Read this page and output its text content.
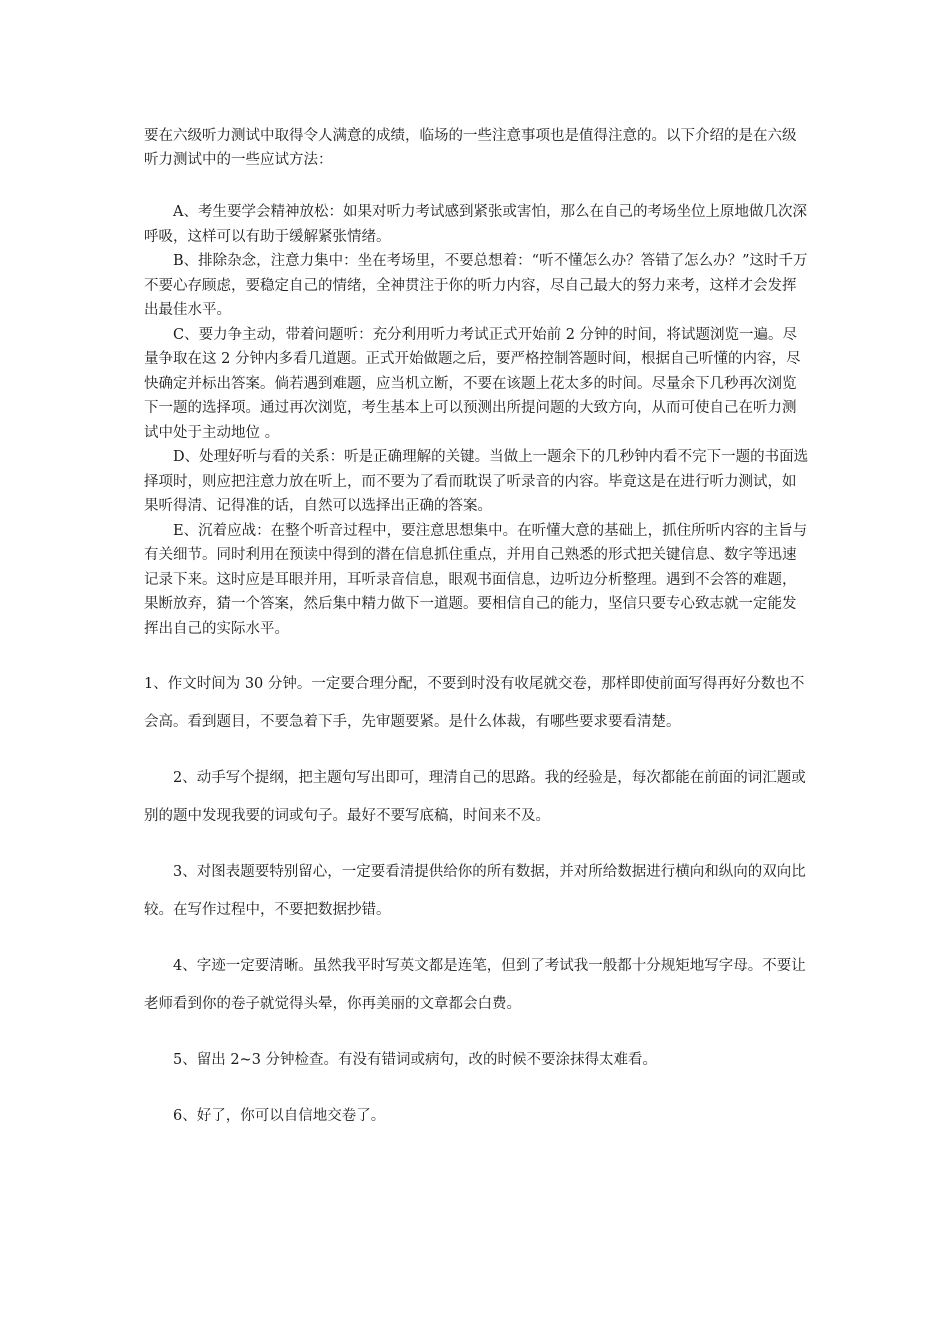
要在六级听力测试中取得令人满意的成绩，临场的一些注意事项也是值得注意的。以下介绍的是在六级听力测试中的一些应试方法：

A、考生要学会精神放松：如果对听力考试感到紧张或害怕，那么在自己的考场坐位上原地做几次深呼吸，这样可以有助于缓解紧张情绪。

B、排除杂念，注意力集中：坐在考场里，不要总想着：“听不懂怎么办？答错了怎么办？”这时千万不要心存顾虑，要稳定自己的情绪，全神贯注于你的听力内容，尽自己最大的努力来考，这样才会发挥出最佳水平。

C、要力争主动，带着问题听：充分利用听力考试正式开始前 2 分钟的时间，将试题浏览一遍。尽量争取在这 2 分钟内多看几道题。正式开始做题之后，要严格控制答题时间，根据自己听懂的内容，尽快确定并标出答案。倘若遇到难题，应当机立断，不要在该题上花太多的时间。尽量余下几秒再次浏览下一题的选择项。通过再次浏览，考生基本上可以预测出所提问题的大致方向，从而可使自己在听力测试中处于主动地位 。

D、处理好听与看的关系：听是正确理解的关键。当做上一题余下的几秒钟内看不完下一题的书面选择项时，则应把注意力放在听上，而不要为了看而耽误了听录音的内容。毕竟这是在进行听力测试，如果听得清、记得准的话，自然可以选择出正确的答案。

E、沉着应战：在整个听音过程中，要注意思想集中。在听懂大意的基础上，抓住所听内容的主旨与有关细节。同时利用在预读中得到的潜在信息抓住重点，并用自己熟悉的形式把关键信息、数字等迅速记录下来。这时应是耳眼并用，耳听录音信息，眼观书面信息，边听边分析整理。遇到不会答的难题，果断放弃，猜一个答案，然后集中精力做下一道题。要相信自己的能力，坚信只要专心致志就一定能发挥出自己的实际水平。

1、作文时间为 30 分钟。一定要合理分配，不要到时没有收尾就交卷，那样即使前面写得再好分数也不会高。看到题目，不要急着下手，先审题要紧。是什么体裁，有哪些要求要看清楚。

2、动手写个提纲，把主题句写出即可，理清自己的思路。我的经验是，每次都能在前面的词汇题或别的题中发现我要的词或句子。最好不要写底稿，时间来不及。

3、对图表题要特别留心，一定要看清提供给你的所有数据，并对所给数据进行横向和纵向的双向比较。在写作过程中，不要把数据抄错。

4、字迹一定要清晰。虽然我平时写英文都是连笔，但到了考试我一般都十分规矩地写字母。不要让老师看到你的卷子就觉得头晕，你再美丽的文章都会白费。

5、留出 2~3 分钟检查。有没有错词或病句，改的时候不要涂抹得太难看。

6、好了，你可以自信地交卷了。
